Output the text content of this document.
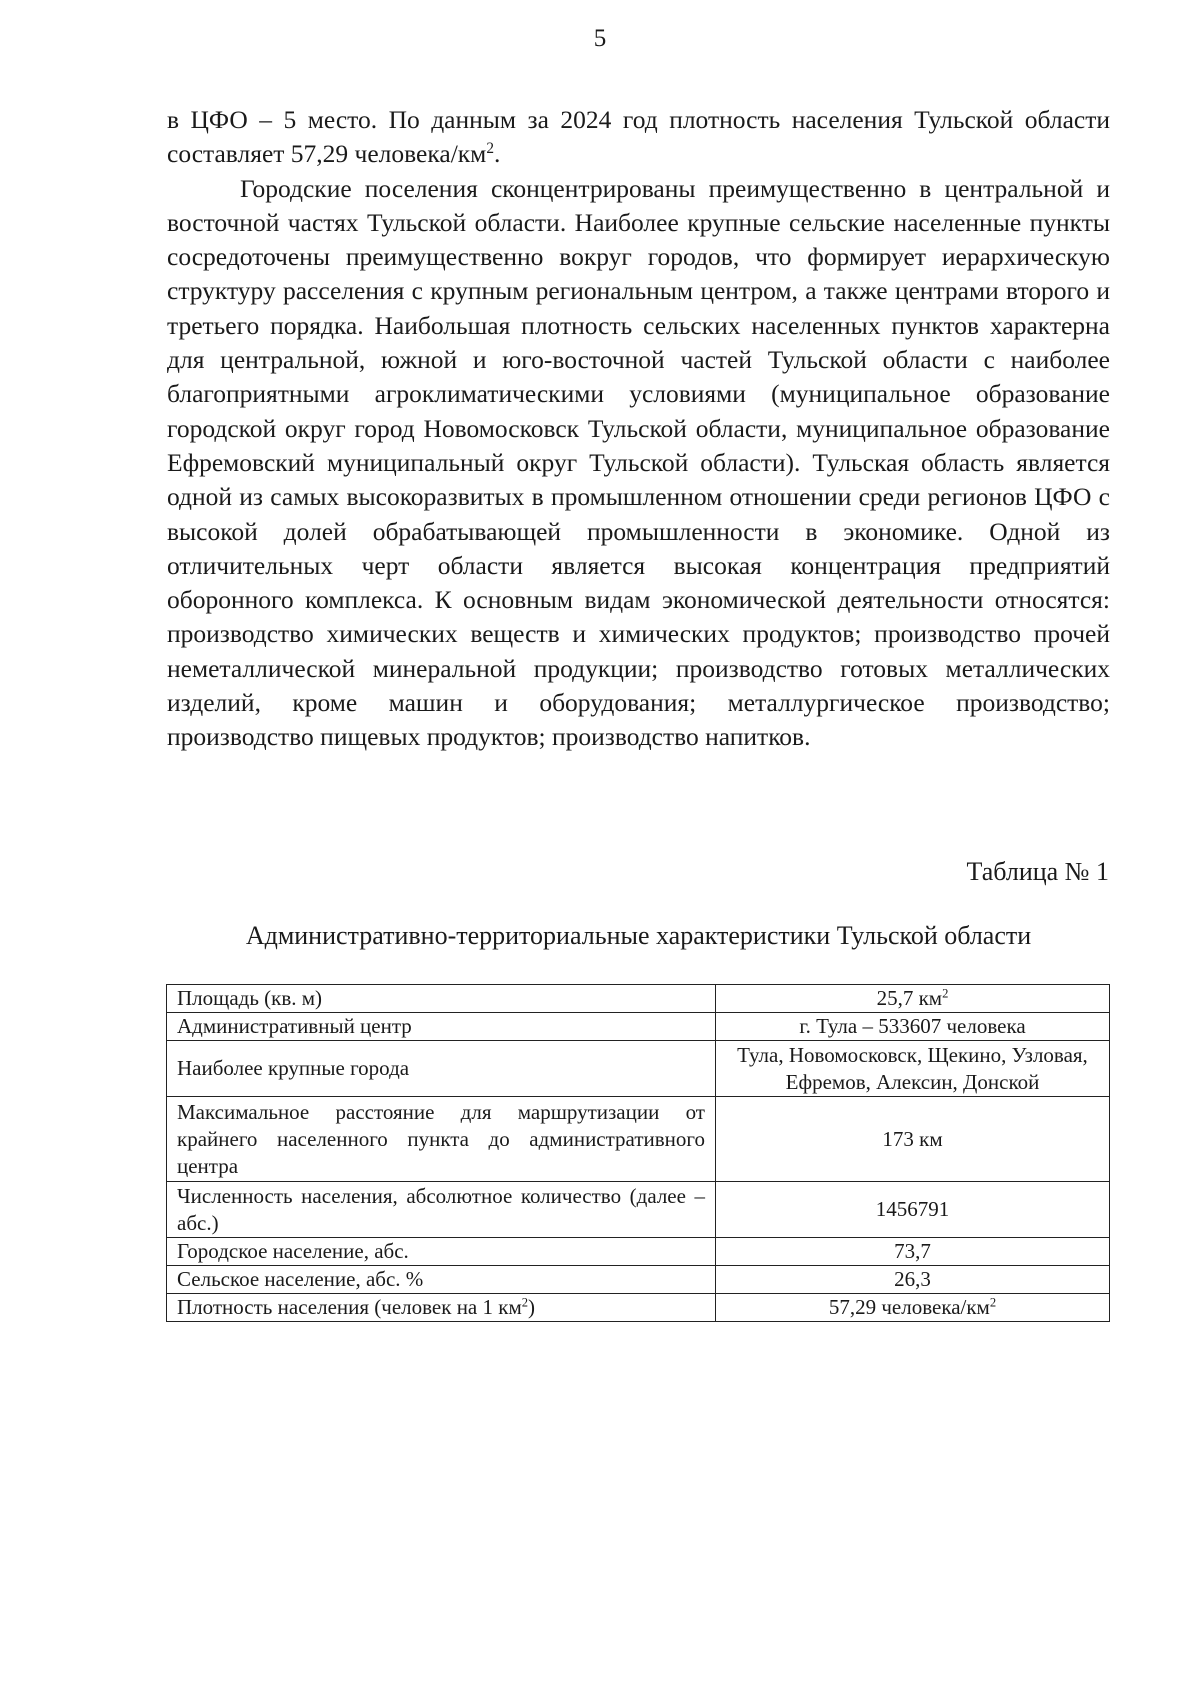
5

в ЦФО – 5 место. По данным за 2024 год плотность населения Тульской области составляет 57,29 человека/$км^2$.

Городские поселения сконцентрированы преимущественно в центральной и восточной частях Тульской области. Наиболее крупные сельские населенные пункты сосредоточены преимущественно вокруг городов, что формирует иерархическую структуру расселения с крупным региональным центром, а также центрами второго и третьего порядка. Наибольшая плотность сельских населенных пунктов характерна для центральной, южной и юго-восточной частей Тульской области с наиболее благоприятными агроклиматическими условиями (муниципальное образование городской округ город Новомосковск Тульской области, муниципальное образование Ефремовский муниципальный округ Тульской области). Тульская область является одной из самых высокоразвитых в промышленном отношении среди регионов ЦФО с высокой долей обрабатывающей промышленности в экономике. Одной из отличительных черт области является высокая концентрация предприятий оборонного комплекса. К основным видам экономической деятельности относятся: производство химических веществ и химических продуктов; производство прочей неметаллической минеральной продукции; производство готовых металлических изделий, кроме машин и оборудования; металлургическое производство; производство пищевых продуктов; производство напитков.

Таблица № 1
Административно-территориальные характеристики Тульской области
Площадь (кв. м)	25,7 $км^2$
Административный центр	г. Тула – 533607 человека
Наиболее крупные города	Тула, Новомосковск, Щекино, Узловая, Ефремов, Алексин, Донской
Максимальное расстояние для маршрутизации от крайнего населенного пункта до административного центра	173 км
Численность населения, абсолютное количество (далее – абс.)	1456791
Городское население, абс.	73,7
Сельское население, абс. %	26,3
Плотность населения (человек на 1 $км^2$)	57,29 человека/$км^2$
